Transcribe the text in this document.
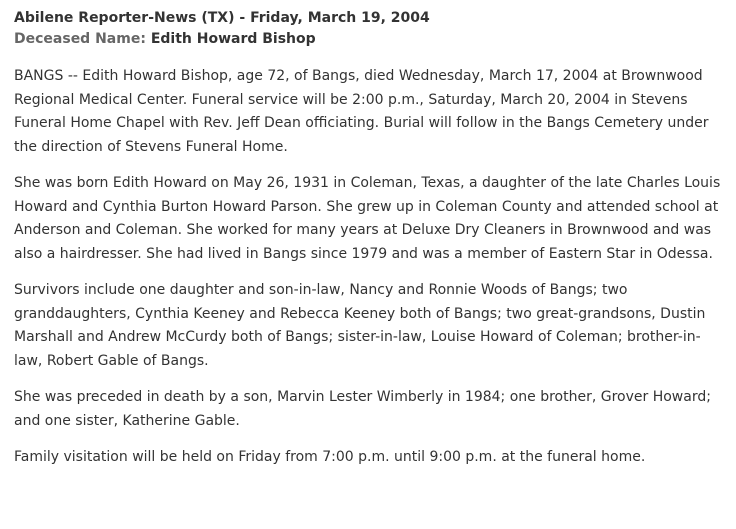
Abilene Reporter-News (TX) - Friday, March 19, 2004
Deceased Name: Edith Howard Bishop

BANGS -- Edith Howard Bishop, age 72, of Bangs, died Wednesday, March 17, 2004 at Brownwood Regional Medical Center. Funeral service will be 2:00 p.m., Saturday, March 20, 2004 in Stevens Funeral Home Chapel with Rev. Jeff Dean officiating. Burial will follow in the Bangs Cemetery under the direction of Stevens Funeral Home.

She was born Edith Howard on May 26, 1931 in Coleman, Texas, a daughter of the late Charles Louis Howard and Cynthia Burton Howard Parson. She grew up in Coleman County and attended school at Anderson and Coleman. She worked for many years at Deluxe Dry Cleaners in Brownwood and was also a hairdresser. She had lived in Bangs since 1979 and was a member of Eastern Star in Odessa.

Survivors include one daughter and son-in-law, Nancy and Ronnie Woods of Bangs; two granddaughters, Cynthia Keeney and Rebecca Keeney both of Bangs; two great-grandsons, Dustin Marshall and Andrew McCurdy both of Bangs; sister-in-law, Louise Howard of Coleman; brother-in-law, Robert Gable of Bangs.

She was preceded in death by a son, Marvin Lester Wimberly in 1984; one brother, Grover Howard; and one sister, Katherine Gable.

Family visitation will be held on Friday from 7:00 p.m. until 9:00 p.m. at the funeral home.
